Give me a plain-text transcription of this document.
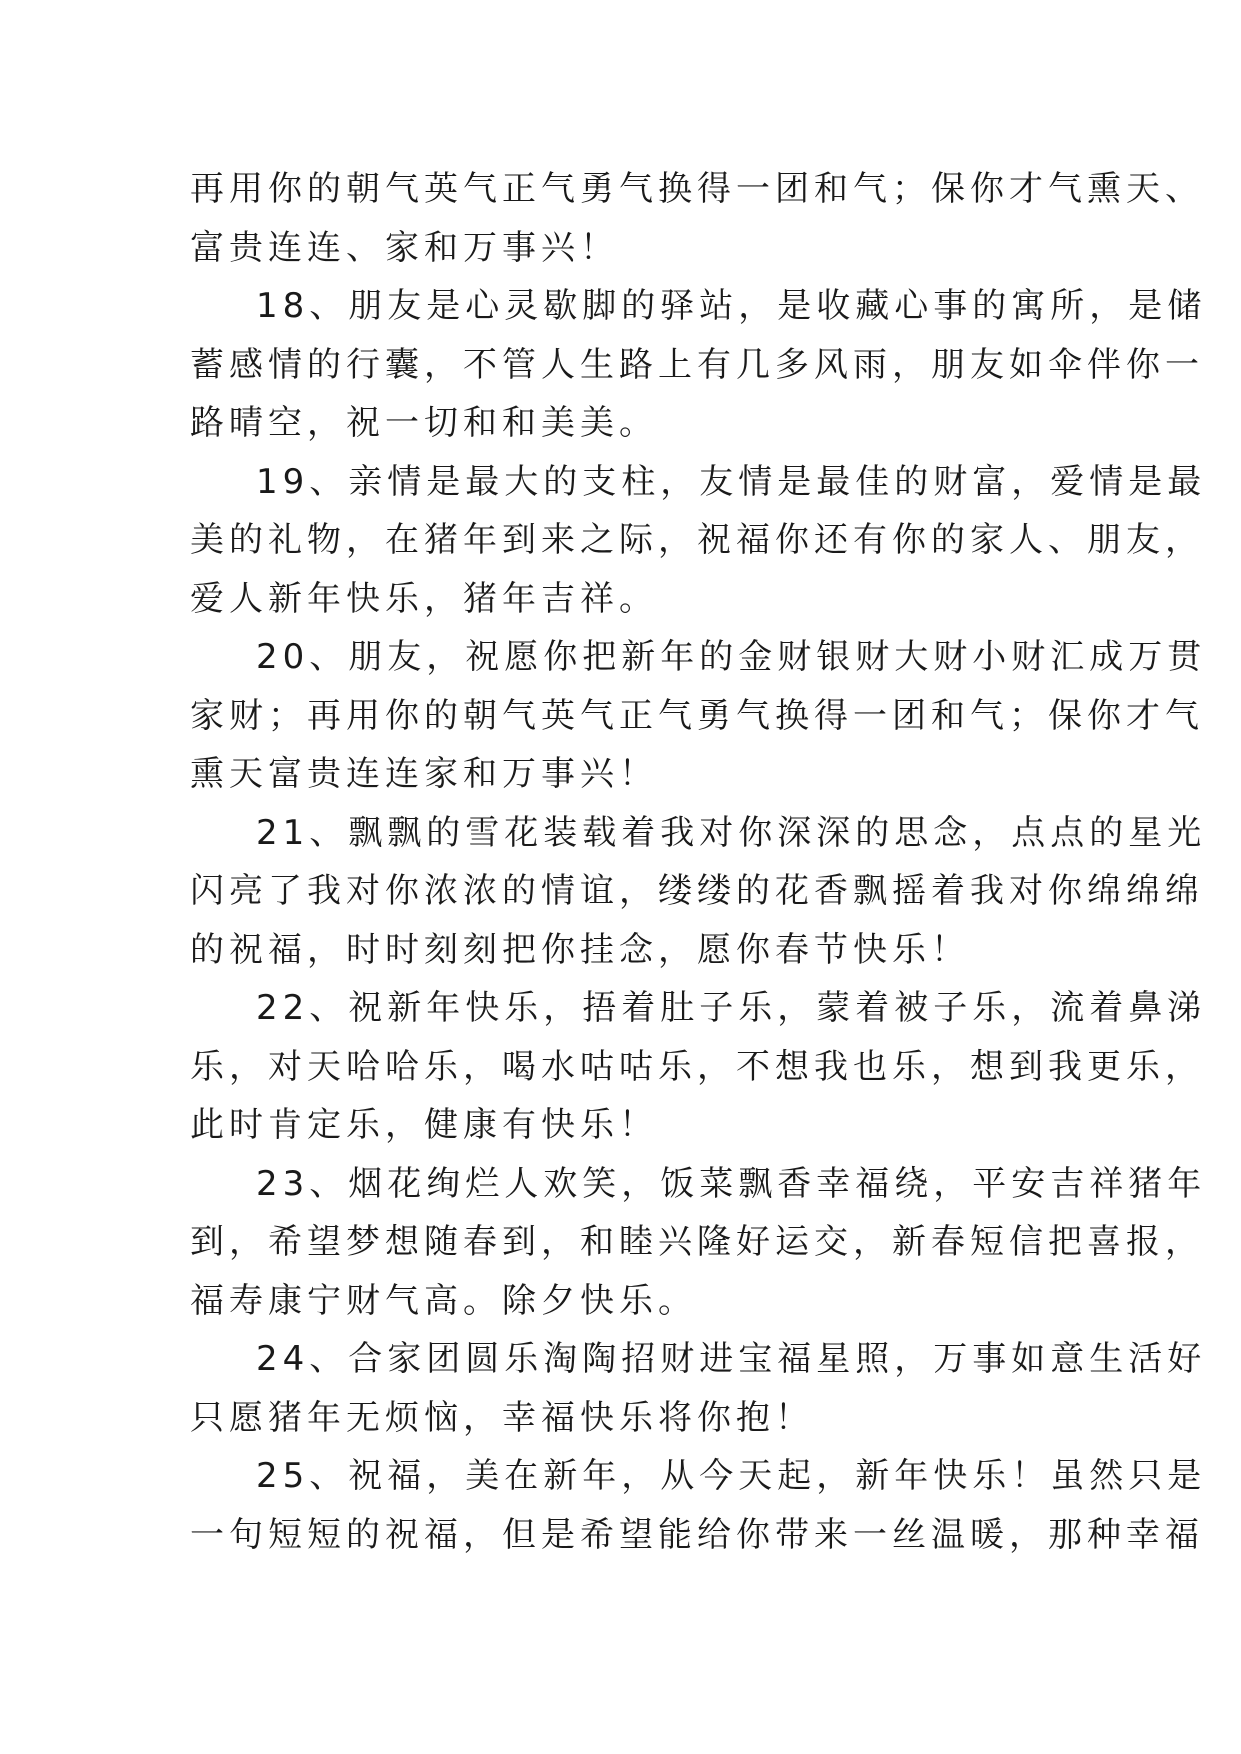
再用你的朝气英气正气勇气换得一团和气；保你才气熏天、
富贵连连、家和万事兴！

18、朋友是心灵歇脚的驿站，是收藏心事的寓所，是储
蓄感情的行囊，不管人生路上有几多风雨，朋友如伞伴你一
路晴空，祝一切和和美美。

19、亲情是最大的支柱，友情是最佳的财富，爱情是最
美的礼物，在猪年到来之际，祝福你还有你的家人、朋友，
爱人新年快乐，猪年吉祥。

20、朋友，祝愿你把新年的金财银财大财小财汇成万贯
家财；再用你的朝气英气正气勇气换得一团和气；保你才气
熏天富贵连连家和万事兴！

21、飘飘的雪花装载着我对你深深的思念，点点的星光
闪亮了我对你浓浓的情谊，缕缕的花香飘摇着我对你绵绵绵
的祝福，时时刻刻把你挂念，愿你春节快乐！

22、祝新年快乐，捂着肚子乐，蒙着被子乐，流着鼻涕
乐，对天哈哈乐，喝水咕咕乐，不想我也乐，想到我更乐，
此时肯定乐，健康有快乐！

23、烟花绚烂人欢笑，饭菜飘香幸福绕，平安吉祥猪年
到，希望梦想随春到，和睦兴隆好运交，新春短信把喜报，
福寿康宁财气高。除夕快乐。

24、合家团圆乐淘陶招财进宝福星照，万事如意生活好
只愿猪年无烦恼，幸福快乐将你抱！

25、祝福，美在新年，从今天起，新年快乐！虽然只是
一句短短的祝福，但是希望能给你带来一丝温暖，那种幸福
